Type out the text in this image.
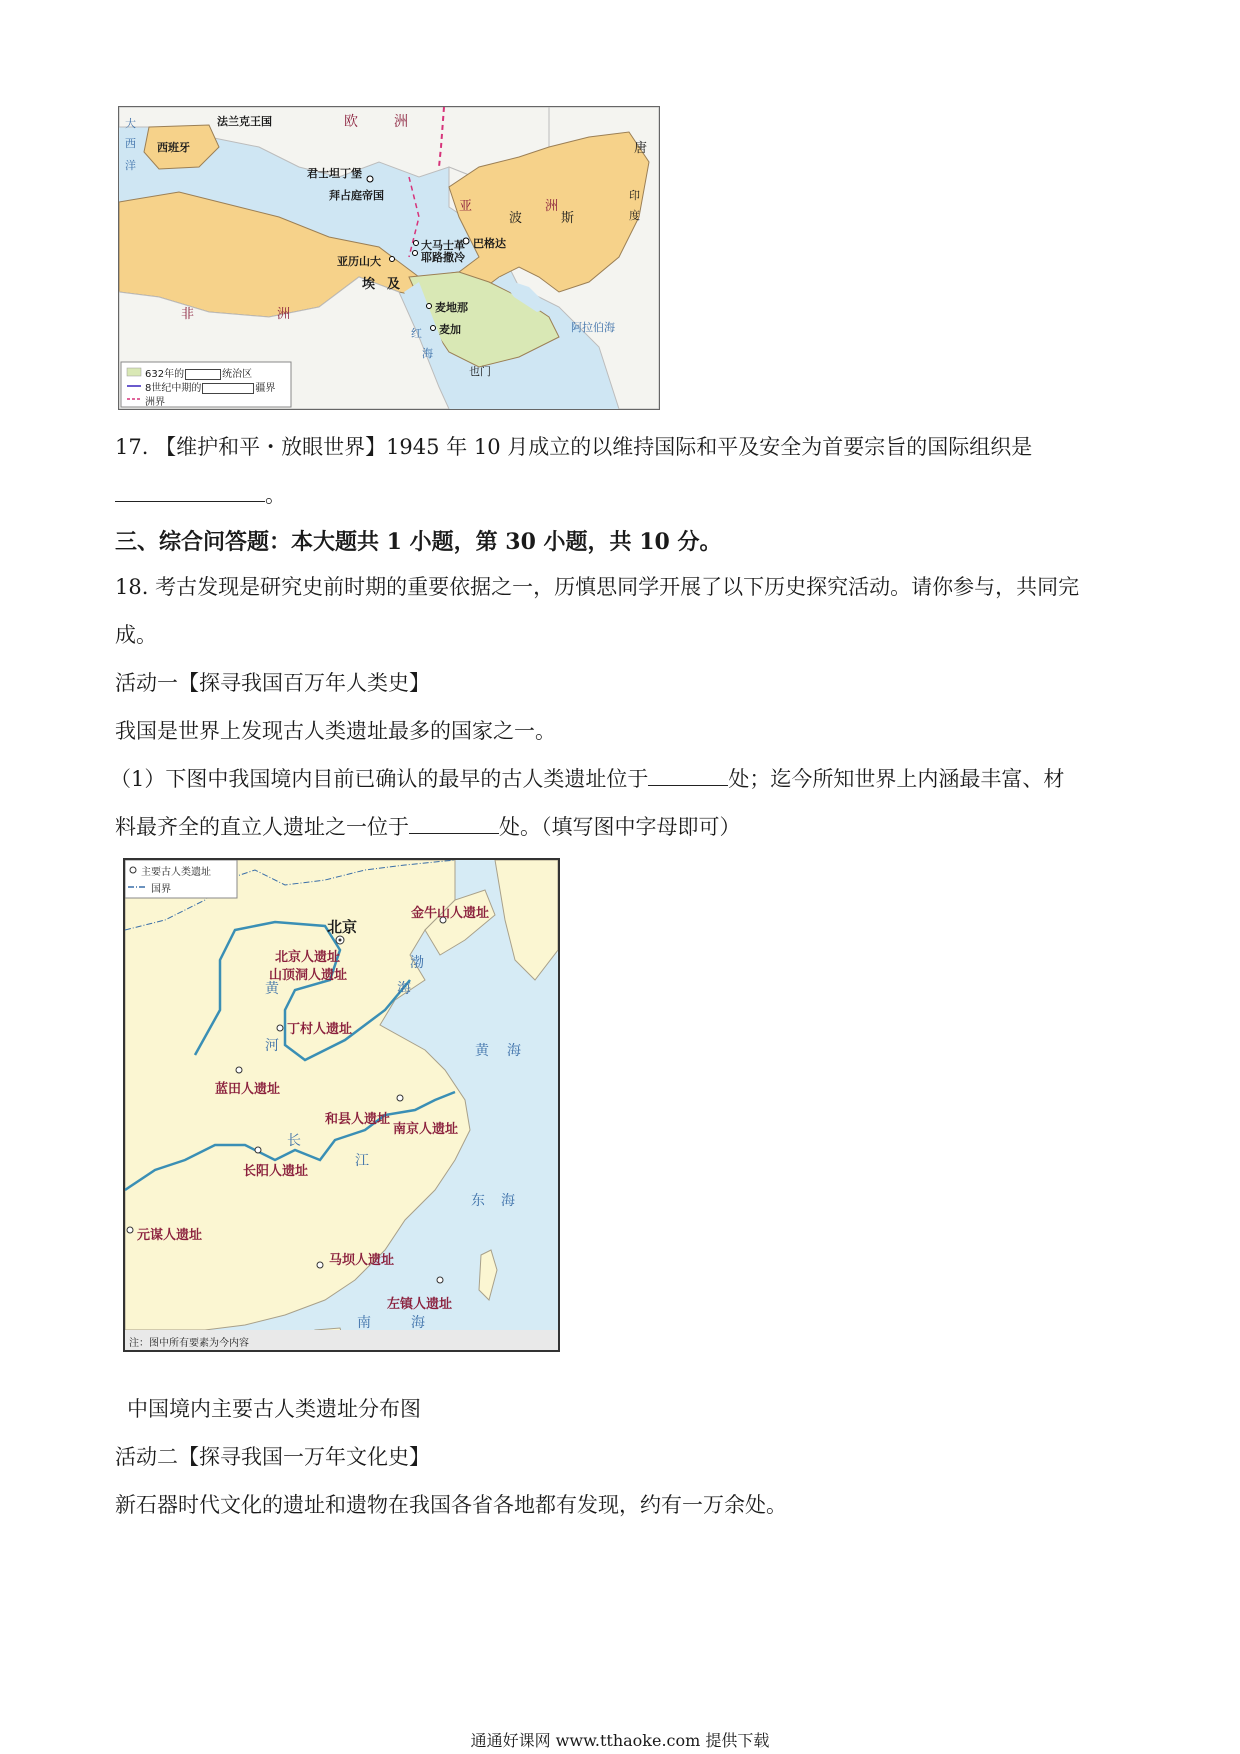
法兰克王国	欧	洲
大
西
洋
西班牙
君士坦丁堡
拜占庭帝国
唐
亚	洲
波	斯
巴格达
大马士革
亚历山大	耶路撒冷
埃 及
非	洲	麦地那
麦加
也门
阿拉伯海
印
度
红
海
632年的	统治区
8世纪中期的	疆界
洲界
17. 【维护和平・放眼世界】1945 年 10 月成立的以维持国际和平及安全为首要宗旨的国际组织是
。
三、综合问答题：本大题共 1 小题，第 30 小题，共 10 分。
18. 考古发现是研究史前时期的重要依据之一，历慎思同学开展了以下历史探究活动。请你参与，共同完
成。
活动一【探寻我国百万年人类史】
我国是世界上发现古人类遗址最多的国家之一。
（1）下图中我国境内目前已确认的最早的古人类遗址位于	处；迄今所知世界上内涵最丰富、材
料最齐全的直立人遗址之一位于	处。（填写图中字母即可）
主要古人类遗址
国界
北京
金牛山人遗址
北京人遗址
山顶洞人遗址
丁村人遗址
蓝田人遗址
和县人遗址
南京人遗址
长阳人遗址
元谋人遗址
马坝人遗址
左镇人遗址
渤
海
黄 海
东 海
南	海
黄
河
长
江
注：图中所有要素为今内容
中国境内主要古人类遗址分布图
活动二【探寻我国一万年文化史】
新石器时代文化的遗址和遗物在我国各省各地都有发现，约有一万余处。
通通好课网 www.tthaoke.com 提供下载
